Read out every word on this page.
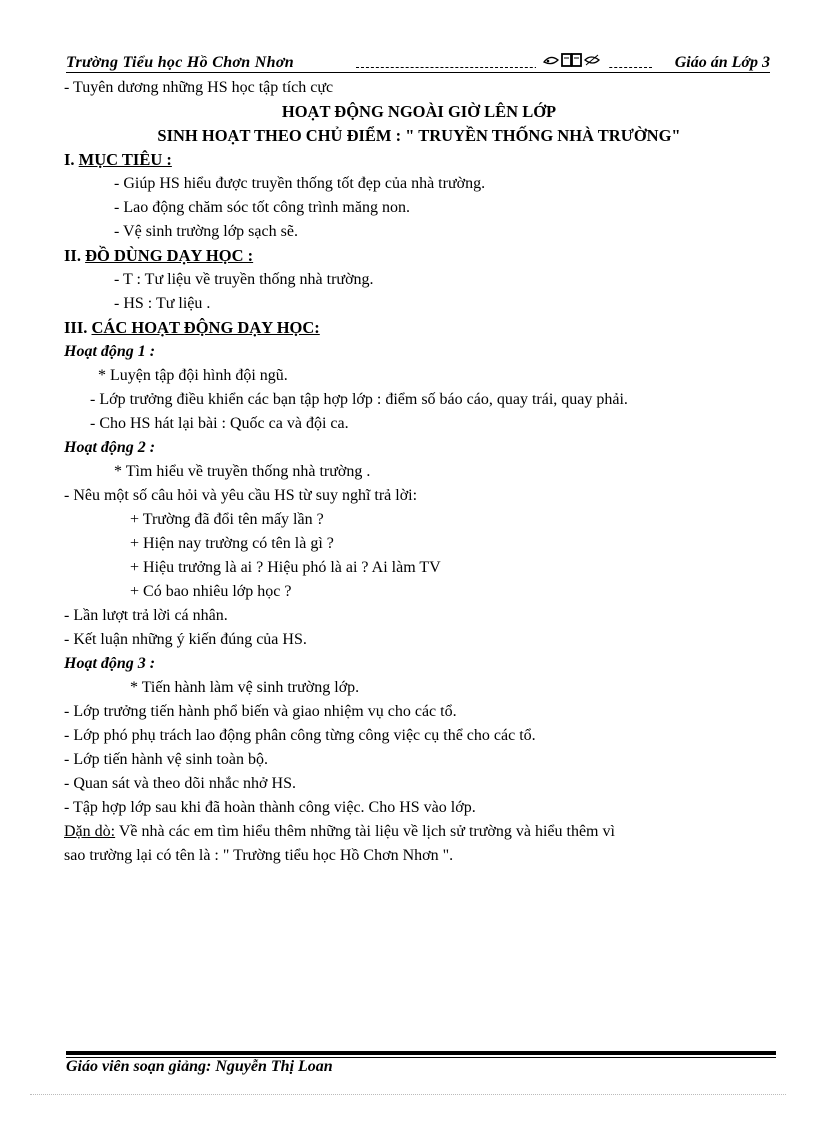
Trường Tiểu học Hồ Chơn Nhơn	Giáo án Lớp 3
- Tuyên dương những HS học tập tích cực
HOẠT ĐỘNG NGOÀI GIỜ LÊN LỚP
SINH HOẠT THEO CHỦ ĐIỂM : " TRUYỀN THỐNG NHÀ TRƯỜNG"
I. MỤC TIÊU :
- Giúp HS hiểu được truyền thống tốt đẹp của nhà trường.
- Lao động chăm sóc tốt công trình măng non.
- Vệ sinh trường lớp sạch sẽ.
II. ĐỒ DÙNG DẠY HỌC :
- T : Tư liệu về truyền thống nhà trường.
- HS : Tư liệu .
III. CÁC HOẠT ĐỘNG DẠY HỌC:
Hoạt động 1 :
* Luyện tập đội hình đội ngũ.
- Lớp trưởng điều khiển các bạn tập hợp lớp : điểm số báo cáo, quay trái, quay phải.
- Cho HS hát lại bài : Quốc ca và đội ca.
Hoạt động 2 :
* Tìm hiểu về truyền thống nhà trường .
- Nêu một số câu hỏi và yêu cầu HS từ suy nghĩ trả lời:
+ Trường đã đổi tên mấy lần ?
+ Hiện nay trường có tên là gì ?
+ Hiệu trưởng là ai ? Hiệu phó là ai ? Ai làm TV
+ Có bao nhiêu lớp học ?
- Lần lượt trả lời cá nhân.
- Kết luận những ý kiến đúng của HS.
Hoạt động 3 :
* Tiến hành làm vệ sinh trường lớp.
- Lớp trưởng tiến hành phổ biến và giao nhiệm vụ cho các tổ.
- Lớp phó phụ trách lao động phân công từng công việc cụ thể cho các tổ.
- Lớp tiến hành vệ sinh toàn bộ.
- Quan sát và theo dõi nhắc nhở HS.
- Tập hợp lớp sau khi đã hoàn thành công việc. Cho HS vào lớp.
Dặn dò: Về nhà các em tìm hiểu thêm những tài liệu về lịch sử trường và hiểu thêm vì
sao trường lại có tên là : " Trường tiểu học Hồ Chơn Nhơn ".
Giáo viên soạn giảng: Nguyễn Thị Loan
